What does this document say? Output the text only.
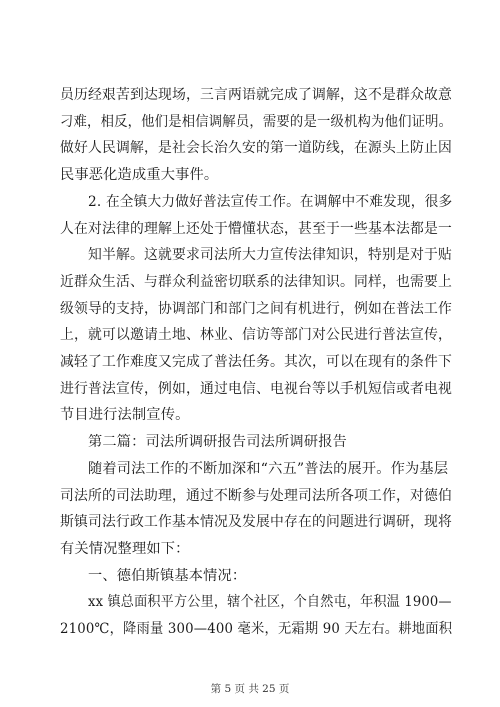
员历经艰苦到达现场，三言两语就完成了调解，这不是群众故意
刁难，相反，他们是相信调解员，需要的是一级机构为他们证明。
做好人民调解，是社会长治久安的第一道防线，在源头上防止因
民事恶化造成重大事件。
2. 在全镇大力做好普法宣传工作。在调解中不难发现，很多
人在对法律的理解上还处于懵懂状态，甚至于一些基本法都是一
知半解。这就要求司法所大力宣传法律知识，特别是对于贴
近群众生活、与群众利益密切联系的法律知识。同样，也需要上
级领导的支持，协调部门和部门之间有机进行，例如在普法工作
上，就可以邀请土地、林业、信访等部门对公民进行普法宣传，
减轻了工作难度又完成了普法任务。其次，可以在现有的条件下
进行普法宣传，例如，通过电信、电视台等以手机短信或者电视
节目进行法制宣传。
第二篇：司法所调研报告司法所调研报告
随着司法工作的不断加深和“六五”普法的展开。作为基层
司法所的司法助理，通过不断参与处理司法所各项工作，对德伯
斯镇司法行政工作基本情况及发展中存在的问题进行调研，现将
有关情况整理如下：
一、德伯斯镇基本情况：
xx 镇总面积平方公里，辖个社区，个自然屯，年积温 1900—
2100℃，降雨量 300—400 毫米，无霜期 90 天左右。耕地面积
第 5 页 共 25 页
